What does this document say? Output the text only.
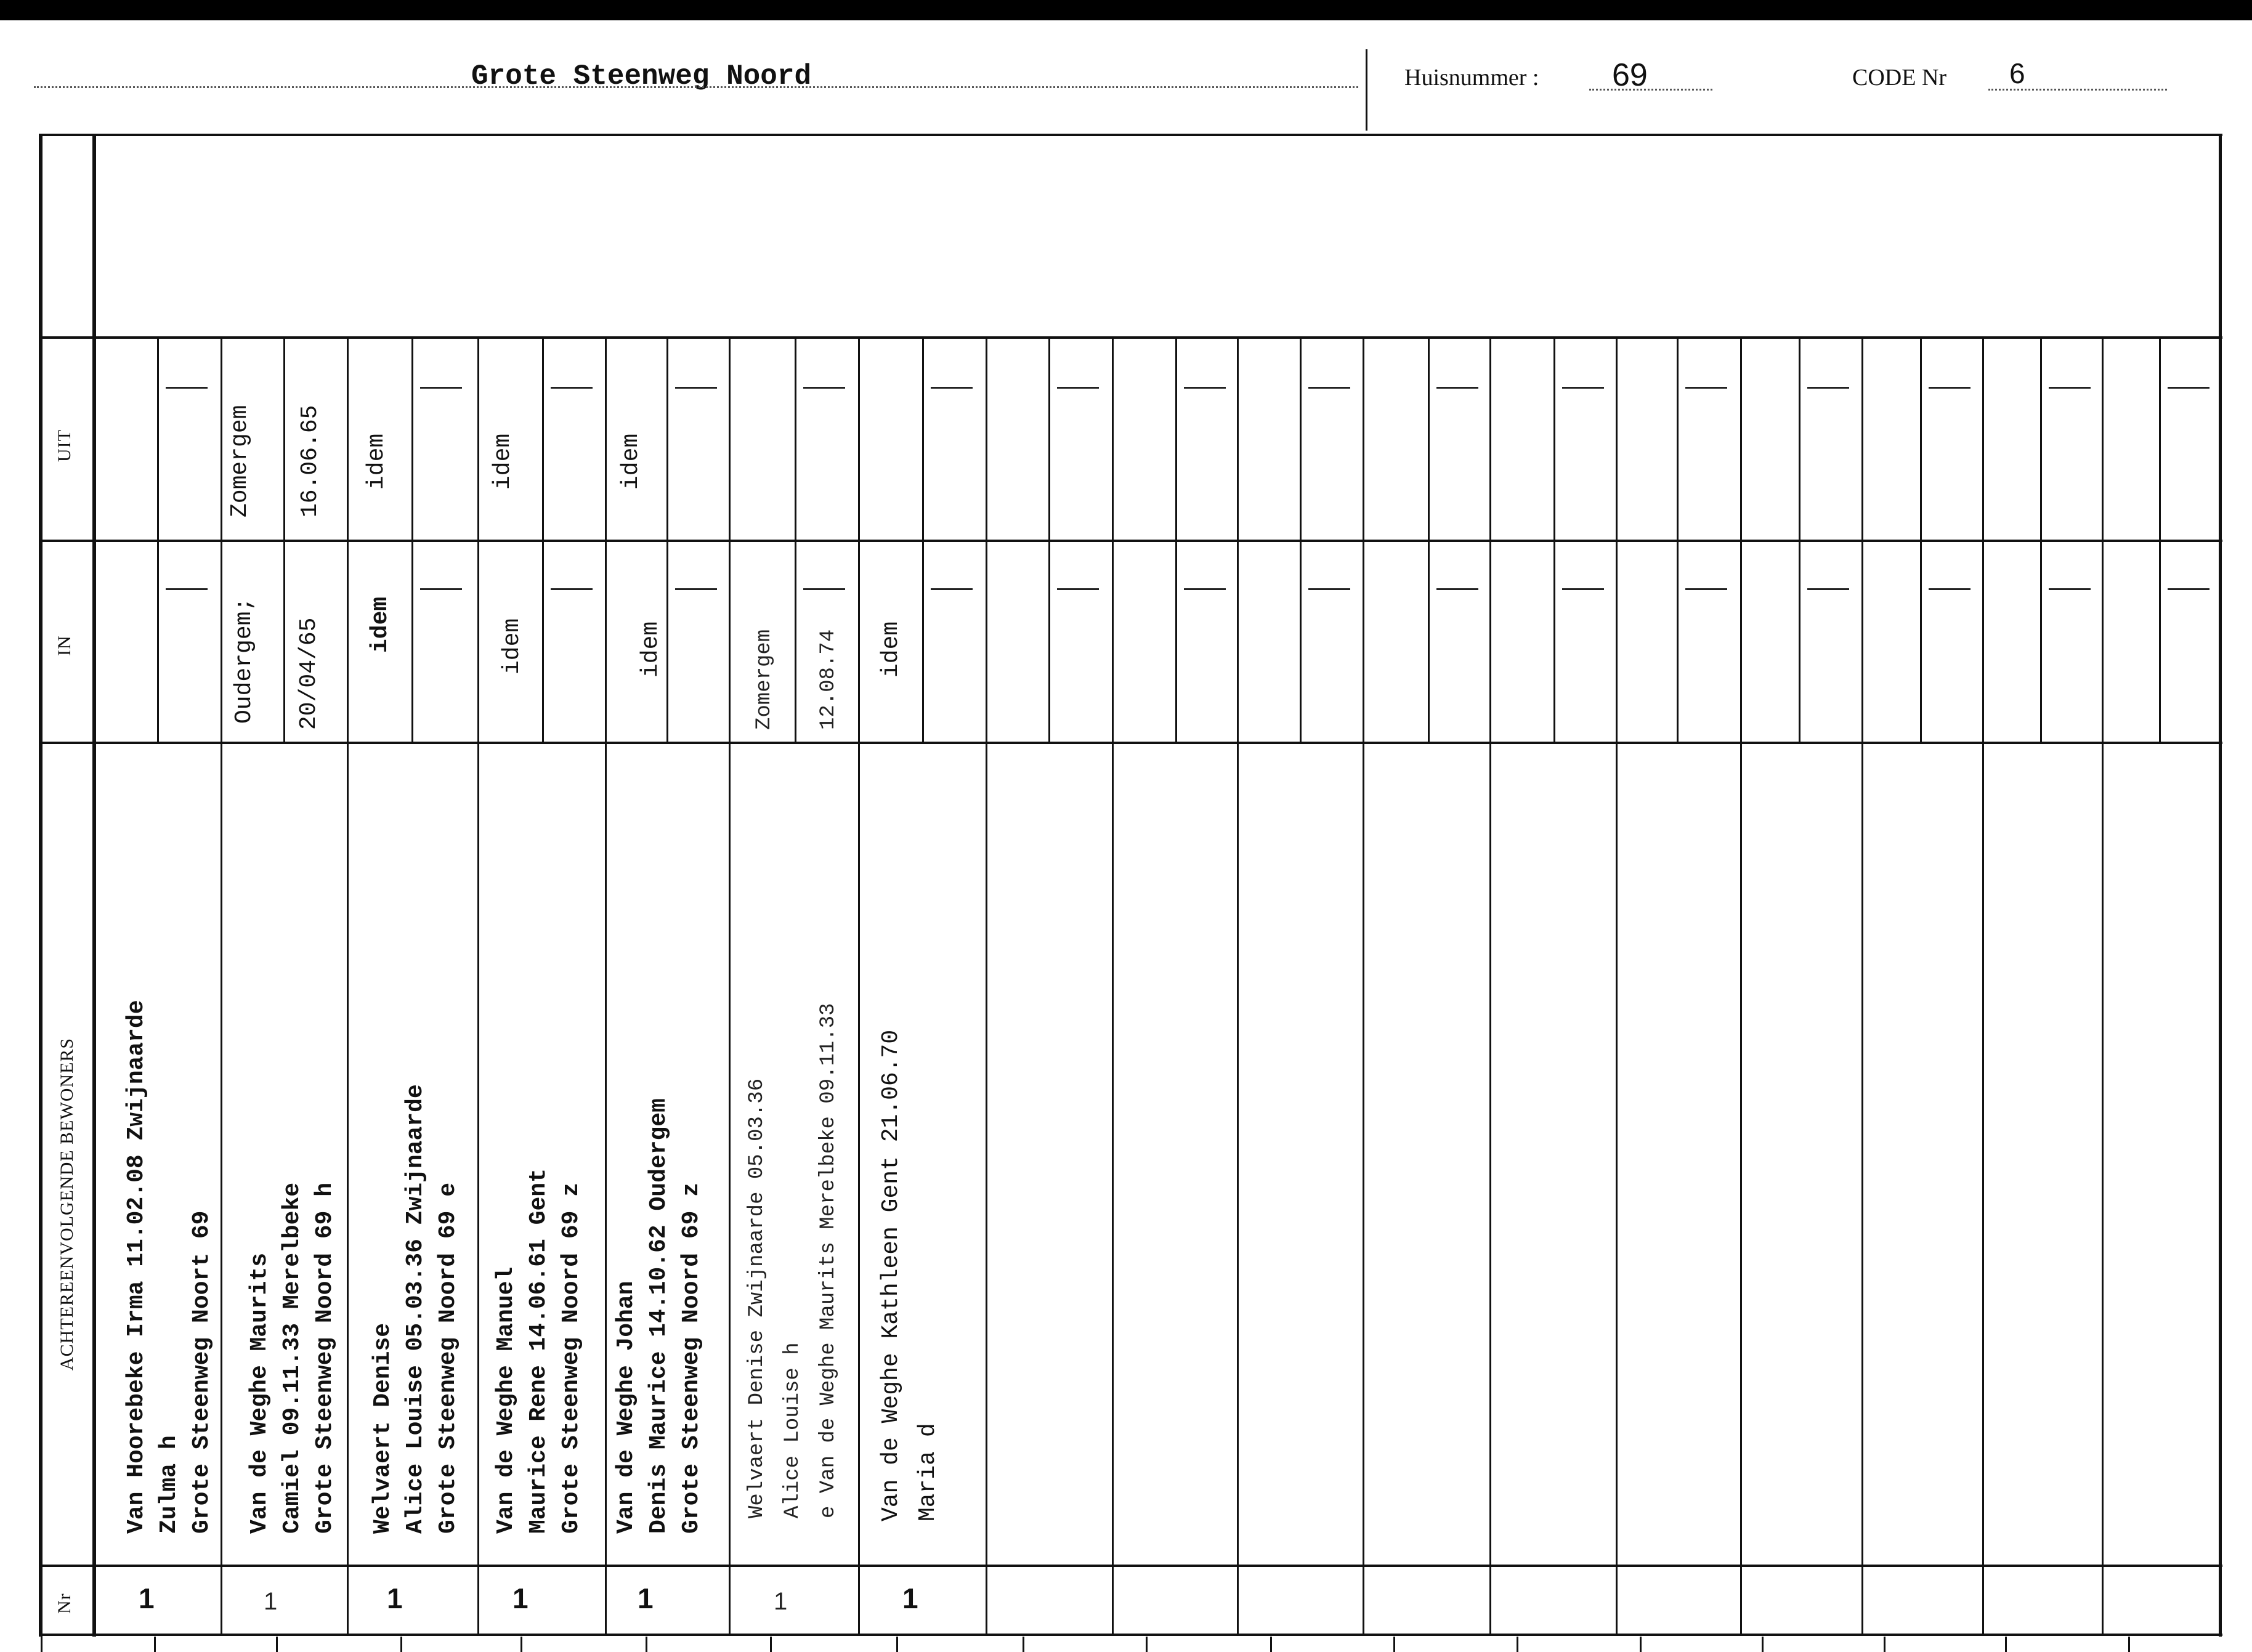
Grote Steenweg Noord	Huisnummer : 69	CODE Nr 6
UIT
IN
ACHTEREENVOLGENDE BEWONERS
Nr
Van Hoorebeke Irma 11.02.08 Zwijnaarde Zulma h Grote Steenweg Noort 69
1
Oudergem; 20/04/65
Zomergem 16.06.65
Van de Weghe Maurits Camiel 09.11.33 Merelbeke Grote Steenweg Noord 69 h
1
idem
idem
Welvaert Denise Alice Louise 05.03.36 Zwijnaarde Grote Steenweg Noord 69 e
1
idem
idem
Van de Weghe Manuel Maurice Rene 14.06.61 Gent Grote Steenweg Noord 69 z
1
idem
idem
Van de Weghe Johan Denis Maurice 14.10.62 Oudergem Grote Steenweg Noord 69 z
1
Zomergem 12.08.74
Welvaert Denise Zwijnaarde 05.03.36 Alice Louise h e Van de Weghe Maurits Merelbeke 09.11.33
1
idem
Van de Weghe Kathleen Gent 21.06.70 Maria d
1
